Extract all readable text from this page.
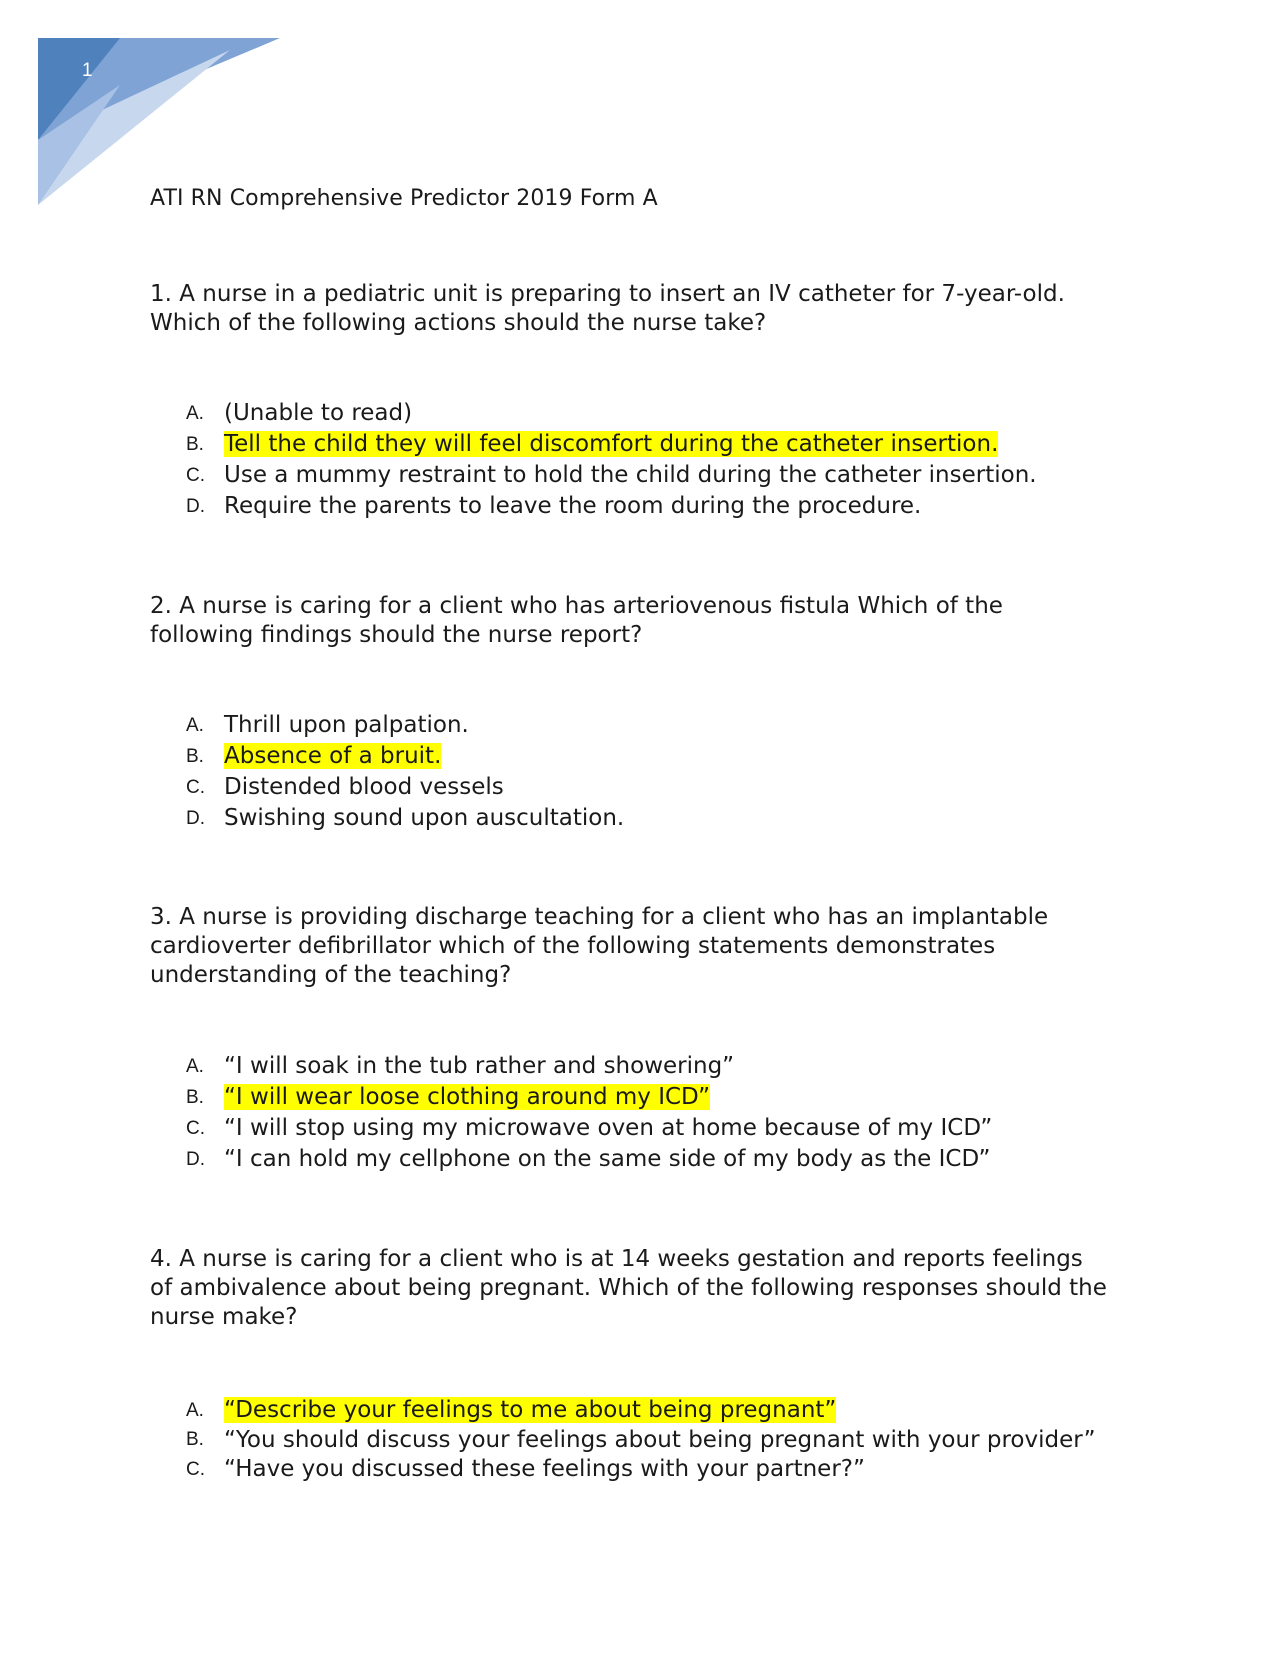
1
ATI RN Comprehensive Predictor 2019 Form A

1. A nurse in a pediatric unit is preparing to insert an IV catheter for 7-year-old. Which of the following actions should the nurse take?

A. (Unable to read)
B. Tell the child they will feel discomfort during the catheter insertion.
C. Use a mummy restraint to hold the child during the catheter insertion.
D. Require the parents to leave the room during the procedure.

2. A nurse is caring for a client who has arteriovenous fistula Which of the following findings should the nurse report?

A. Thrill upon palpation.
B. Absence of a bruit.
C. Distended blood vessels
D. Swishing sound upon auscultation.

3. A nurse is providing discharge teaching for a client who has an implantable cardioverter defibrillator which of the following statements demonstrates understanding of the teaching?

A. “I will soak in the tub rather and showering”
B. “I will wear loose clothing around my ICD”
C. “I will stop using my microwave oven at home because of my ICD”
D. “I can hold my cellphone on the same side of my body as the ICD”

4. A nurse is caring for a client who is at 14 weeks gestation and reports feelings of ambivalence about being pregnant. Which of the following responses should the nurse make?

A. “Describe your feelings to me about being pregnant”
B. “You should discuss your feelings about being pregnant with your provider”
C. “Have you discussed these feelings with your partner?”
